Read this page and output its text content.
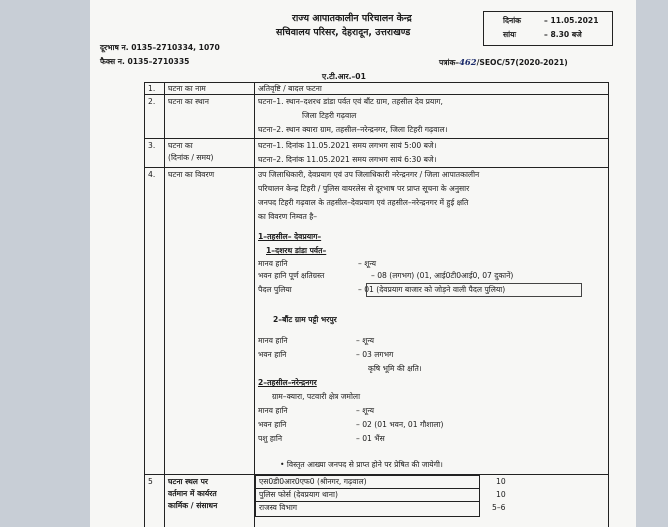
राज्य आपातकालीन परिचालन केन्द्र
सचिवालय परिसर, देहरादून, उत्तराखण्ड
दूरभाष न. 0135–2710334, 1070
फैक्स न. 0135–2710335
दिनांक	– 11.05.2021
सांयः	– 8.30 बजे
पत्रांक–462/SEOC/57(2020-2021)
ए.टी.आर.–01
1. घटना का नाम	अतिवृष्टि / बादल फटना
2. घटना का स्थान	घटना–1. स्थान–दशरथ डांडा पर्वत एवं बौंट ग्राम, तहसील देव प्रयाग,
जिला टिहरी गढ़वाल
घटना–2. स्थान क्यारा ग्राम, तहसील–नरेन्द्रनगर, जिला टिहरी गढ़वाल।
3. घटना का
(दिनांक / समय)
घटना–1. दिनांक 11.05.2021 समय लगभग सायं 5:00 बजे।
घटना–2. दिनांक 11.05.2021 समय लगभग सायं 6:30 बजे।
4. घटना का विवरण	उप जिलाधिकारी, देवप्रयाग एवं उप जिलाधिकारी नरेन्द्रनगर / जिला आपातकालीन
परिचालन केन्द्र टिहरी / पुलिस वायरलेस से दूरभाष पर प्राप्त सूचना के अनुसार
जनपद टिहरी गढ़वाल के तहसील–देवप्रयाग एवं तहसील–नरेन्द्रनगर में हुई क्षति
का विवरण निम्वत है–
1–तहसील– देवप्रयाग–
1–दशरथ डांडा पर्वत–
मानव हानि	– शून्य
भवन हानि पूर्ण क्षतिग्रस्त	– 08 (लगभग) (01, आई0टी0आई0, 07 दुकानें)
पैदल पुलिया	– 01 (देवप्रयाग बाजार को जोड़ने वाली पैदल पुलिया)
2–बौंट ग्राम पट्टी भरपुर
मानव हानि	– शून्य
भवन हानि	– 03 लगभग
कृषि भूमि की क्षति।
2–तहसील–नरेन्द्रनगर
ग्राम–क्यारा, पटवारी क्षेत्र जमोला
मानव हानि	– शून्य
भवन हानि	– 02 (01 भवन, 01 गौशाला)
पशु हानि	– 01 भैंस
• विस्तृत आख्या जनपद से प्राप्त होने पर प्रेषित की जायेगी।
5 घटना स्थल पर
वर्तमान में कार्यरत
कार्मिक / संसाधन
एस0डी0आर0एफ0 (श्रीनगर, गढ़वाल)	10
पुलिस फोर्स (देवप्रयाग थाना)	10
राजस्व विभाग	5–6
